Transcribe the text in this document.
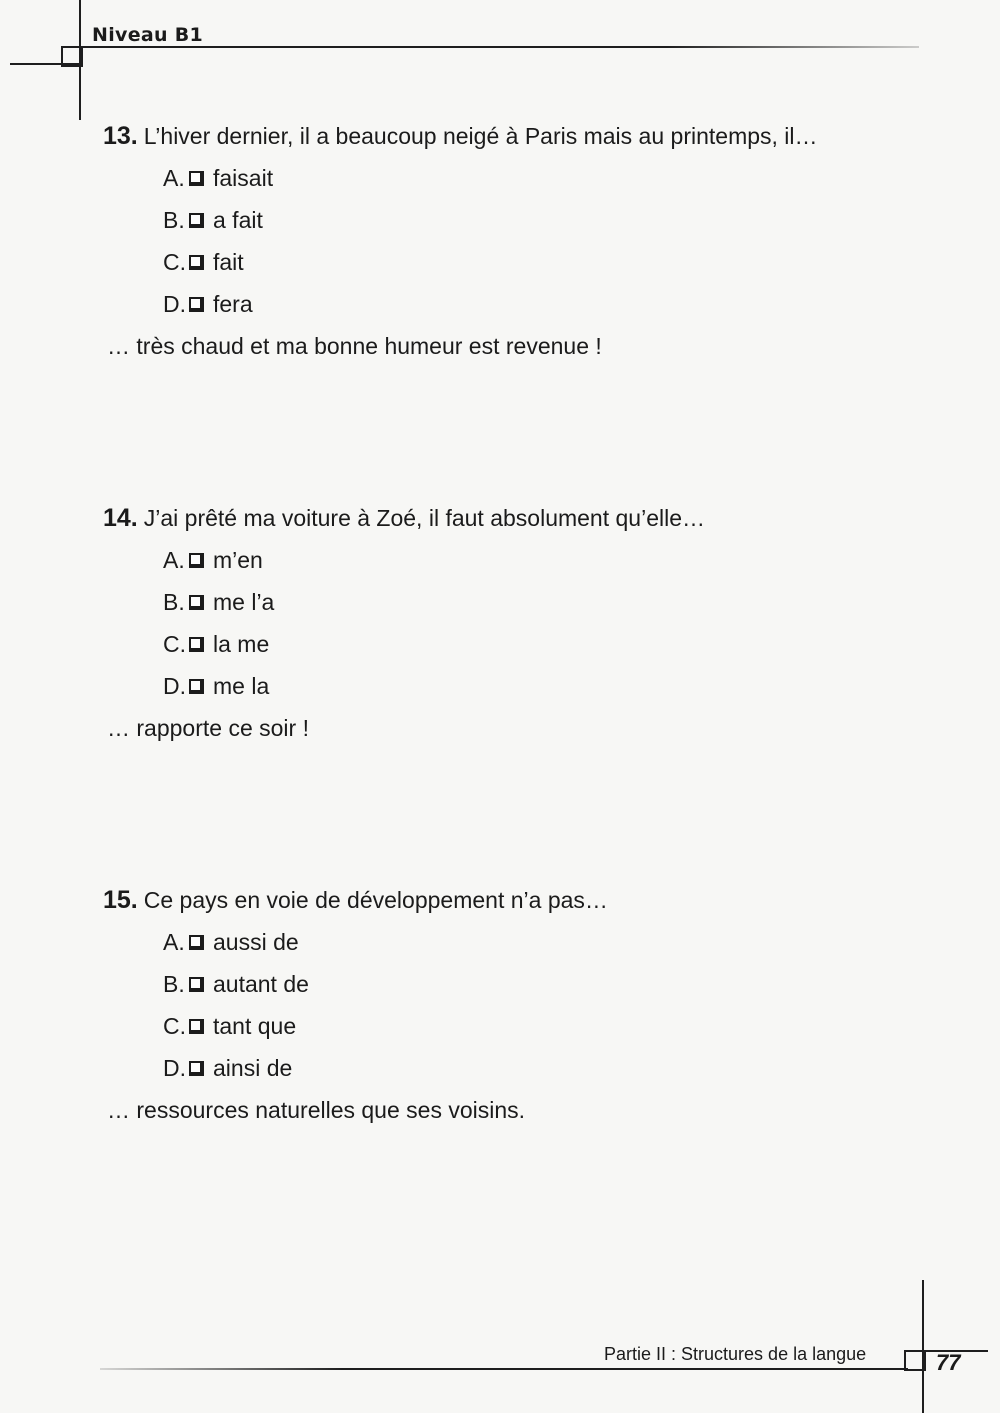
Niveau B1
13. L’hiver dernier, il a beaucoup neigé à Paris mais au printemps, il…
A. faisait
B. a fait
C. fait
D. fera
… très chaud et ma bonne humeur est revenue !
14. J’ai prêté ma voiture à Zoé, il faut absolument qu’elle…
A. m’en
B. me l’a
C. la me
D. me la
… rapporte ce soir !
15. Ce pays en voie de développement n’a pas…
A. aussi de
B. autant de
C. tant que
D. ainsi de
… ressources naturelles que ses voisins.
Partie II : Structures de la langue	77
